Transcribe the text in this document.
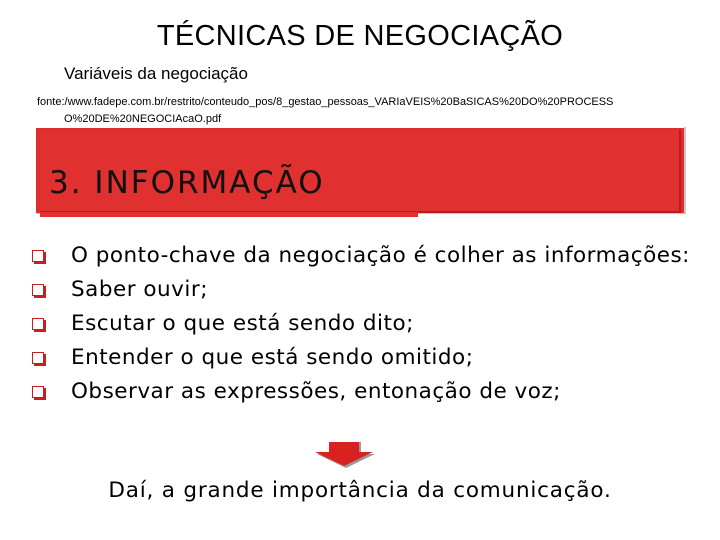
TÉCNICAS DE NEGOCIAÇÃO
Variáveis da negociação
fonte:/www.fadepe.com.br/restrito/conteudo_pos/8_gestao_pessoas_VARIaVEIS%20BaSICAS%20DO%20PROCESS
O%20DE%20NEGOCIAcaO.pdf
3. INFORMAÇÃO
O ponto-chave da negociação é colher as informações:
Saber ouvir;
Escutar o que está sendo dito;
Entender o que está sendo omitido;
Observar as expressões, entonação de voz;
Daí, a grande importância da comunicação.
